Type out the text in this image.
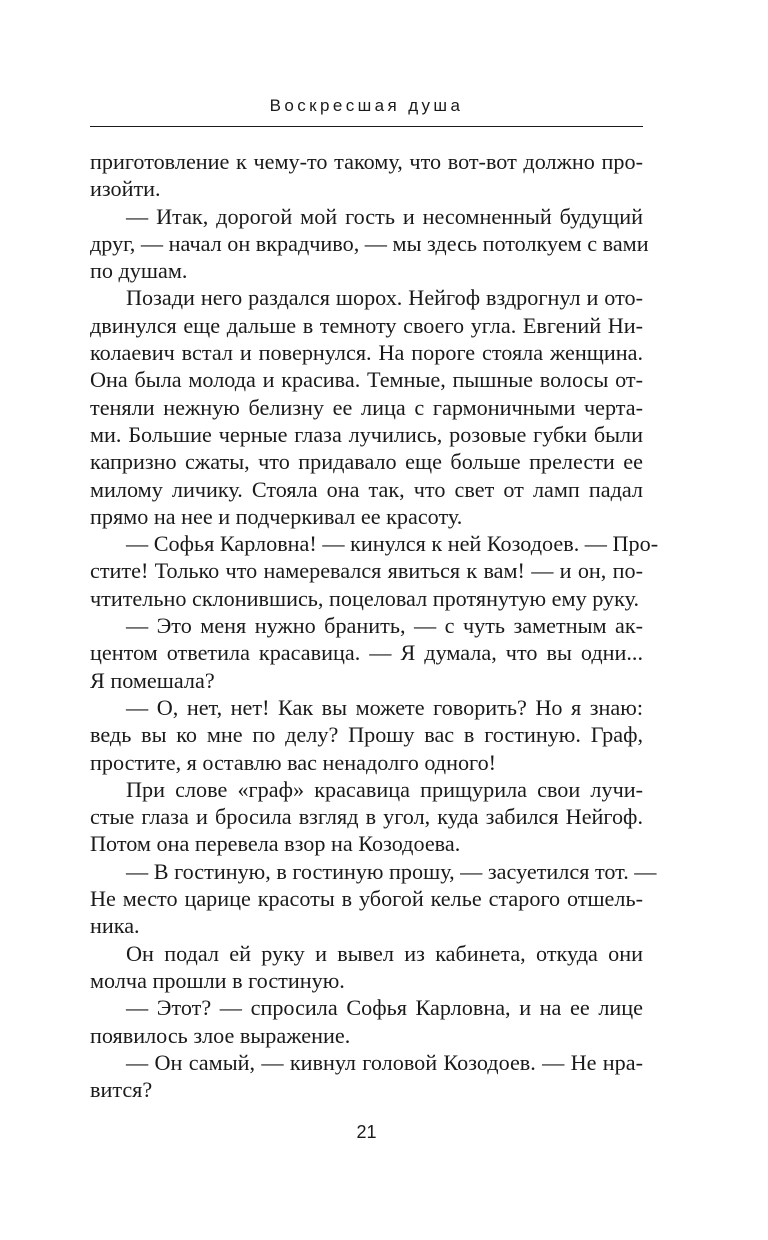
Воскресшая душа

приготовление к чему-то такому, что вот-вот должно про-
изойти.

— Итак, дорогой мой гость и несомненный будущий
друг, — начал он вкрадчиво, — мы здесь потолкуем с вами
по душам.

Позади него раздался шорох. Нейгоф вздрогнул и ото-
двинулся еще дальше в темноту своего угла. Евгений Ни-
колаевич встал и повернулся. На пороге стояла женщина.
Она была молода и красива. Темные, пышные волосы от-
теняли нежную белизну ее лица с гармоничными черта-
ми. Большие черные глаза лучились, розовые губки были
капризно сжаты, что придавало еще больше прелести ее
милому личику. Стояла она так, что свет от ламп падал
прямо на нее и подчеркивал ее красоту.

— Софья Карловна! — кинулся к ней Козодоев. — Про-
стите! Только что намеревался явиться к вам! — и он, по-
чтительно склонившись, поцеловал протянутую ему руку.

— Это меня нужно бранить, — с чуть заметным ак-
центом ответила красавица. — Я думала, что вы одни...
Я помешала?

— О, нет, нет! Как вы можете говорить? Но я знаю:
ведь вы ко мне по делу? Прошу вас в гостиную. Граф,
простите, я оставлю вас ненадолго одного!

При слове «граф» красавица прищурила свои лучи-
стые глаза и бросила взгляд в угол, куда забился Нейгоф.
Потом она перевела взор на Козодоева.

— В гостиную, в гостиную прошу, — засуетился тот. —
Не место царице красоты в убогой келье старого отшель-
ника.

Он подал ей руку и вывел из кабинета, откуда они
молча прошли в гостиную.

— Этот? — спросила Софья Карловна, и на ее лице
появилось злое выражение.

— Он самый, — кивнул головой Козодоев. — Не нра-
вится?

21
